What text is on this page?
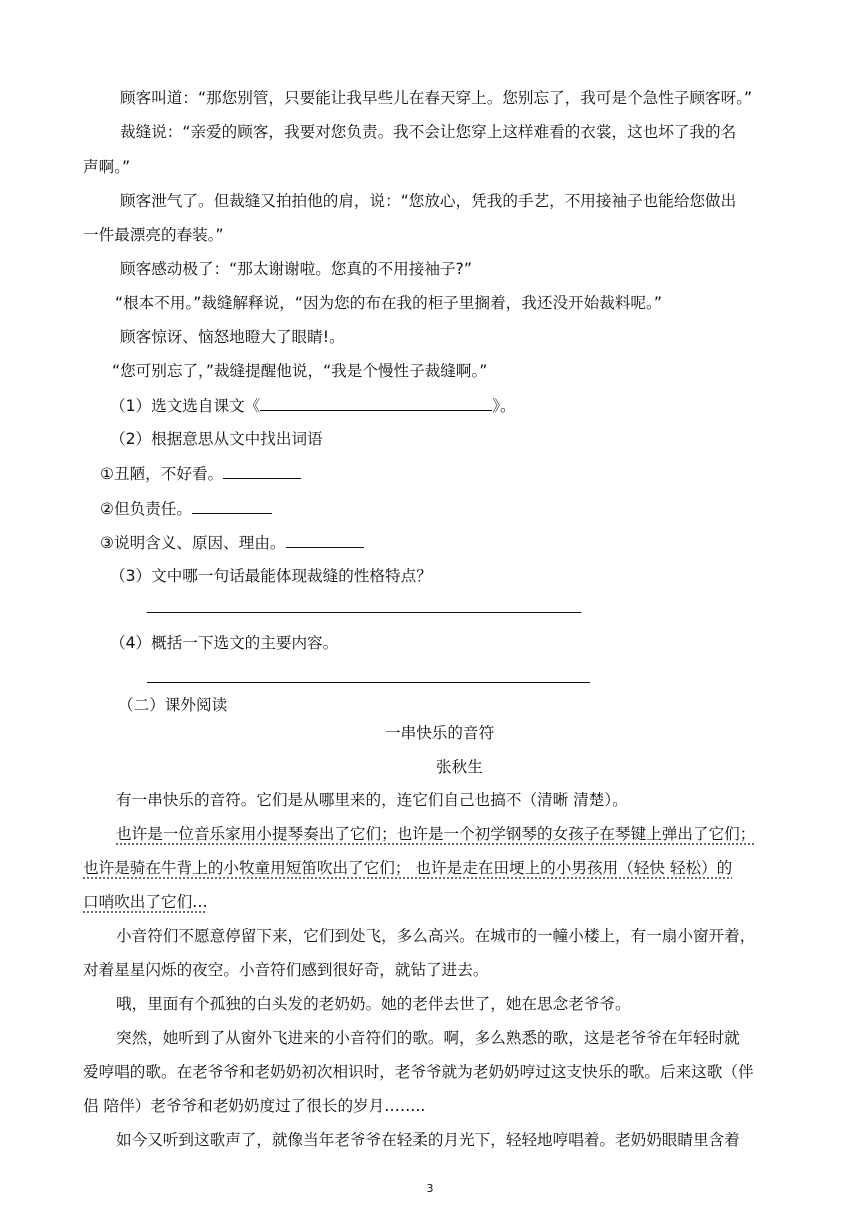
顾客叫道：“那您别管，只要能让我早些儿在春天穿上。您别忘了，我可是个急性子顾客呀。”
裁缝说：“亲爱的顾客，我要对您负责。我不会让您穿上这样难看的衣裳，这也坏了我的名
声啊。”
顾客泄气了。但裁缝又拍拍他的肩，说：“您放心，凭我的手艺，不用接袖子也能给您做出
一件最漂亮的春装。”
顾客感动极了：“那太谢谢啦。您真的不用接袖子?”
“根本不用。”裁缝解释说，“因为您的布在我的柜子里搁着，我还没开始裁料呢。”
顾客惊讶、恼怒地瞪大了眼睛!。
“您可别忘了，”裁缝提醒他说，“我是个慢性子裁缝啊。”
（1）选文选自课文《	》。
（2）根据意思从文中找出词语
①丑陋，不好看。
②但负责任。
③说明含义、原因、理由。
（3）文中哪一句话最能体现裁缝的性格特点？
（4）概括一下选文的主要内容。
（二）课外阅读
一串快乐的音符
张秋生
有一串快乐的音符。它们是从哪里来的，连它们自己也搞不（清晰 清楚）。
也许是一位音乐家用小提琴奏出了它们；也许是一个初学钢琴的女孩子在琴键上弹出了它们；
也许是骑在牛背上的小牧童用短笛吹出了它们； 也许是走在田埂上的小男孩用（轻快 轻松）的
口哨吹出了它们…
小音符们不愿意停留下来，它们到处飞，多么高兴。在城市的一幢小楼上，有一扇小窗开着，
对着星星闪烁的夜空。小音符们感到很好奇，就钻了进去。
哦，里面有个孤独的白头发的老奶奶。她的老伴去世了，她在思念老爷爷。
突然，她听到了从窗外飞进来的小音符们的歌。啊，多么熟悉的歌，这是老爷爷在年轻时就
爱哼唱的歌。在老爷爷和老奶奶初次相识时，老爷爷就为老奶奶哼过这支快乐的歌。后来这歌（伴
侣 陪伴）老爷爷和老奶奶度过了很长的岁月……..
如今又听到这歌声了，就像当年老爷爷在轻柔的月光下，轻轻地哼唱着。老奶奶眼睛里含着
3
